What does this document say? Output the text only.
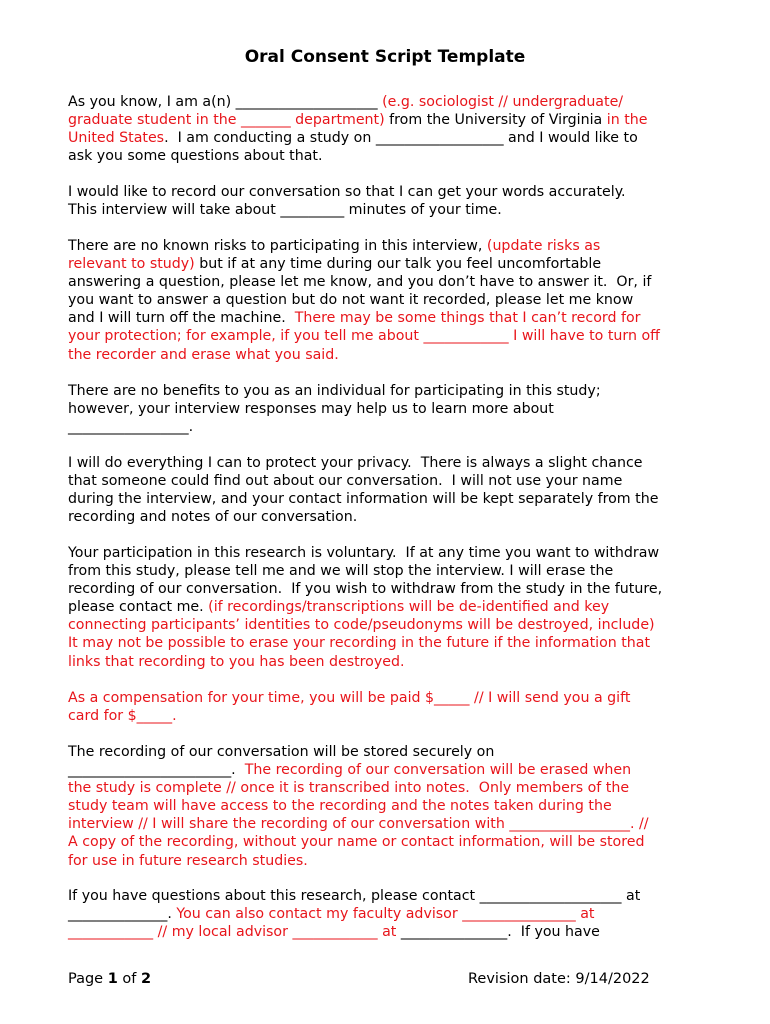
Oral Consent Script Template
As you know, I am a(n) ____________________ (e.g. sociologist // undergraduate/
graduate student in the _______ department) from the University of Virginia in the
United States.  I am conducting a study on __________________ and I would like to
ask you some questions about that.
I would like to record our conversation so that I can get your words accurately.
This interview will take about _________ minutes of your time.
There are no known risks to participating in this interview, (update risks as
relevant to study) but if at any time during our talk you feel uncomfortable
answering a question, please let me know, and you don’t have to answer it.  Or, if
you want to answer a question but do not want it recorded, please let me know
and I will turn off the machine.  There may be some things that I can’t record for
your protection; for example, if you tell me about ____________ I will have to turn off
the recorder and erase what you said.
There are no benefits to you as an individual for participating in this study;
however, your interview responses may help us to learn more about
_________________.
I will do everything I can to protect your privacy.  There is always a slight chance
that someone could find out about our conversation.  I will not use your name
during the interview, and your contact information will be kept separately from the
recording and notes of our conversation.
Your participation in this research is voluntary.  If at any time you want to withdraw
from this study, please tell me and we will stop the interview. I will erase the
recording of our conversation.  If you wish to withdraw from the study in the future,
please contact me. (if recordings/transcriptions will be de-identified and key
connecting participants’ identities to code/pseudonyms will be destroyed, include)
It may not be possible to erase your recording in the future if the information that
links that recording to you has been destroyed.
As a compensation for your time, you will be paid $_____ // I will send you a gift
card for $_____.
The recording of our conversation will be stored securely on
_______________________.  The recording of our conversation will be erased when
the study is complete // once it is transcribed into notes.  Only members of the
study team will have access to the recording and the notes taken during the
interview // I will share the recording of our conversation with _________________. //
A copy of the recording, without your name or contact information, will be stored
for use in future research studies.
If you have questions about this research, please contact ____________________ at
______________. You can also contact my faculty advisor ________________ at
____________ // my local advisor ____________ at _______________.  If you have
Page 1 of 2	Revision date: 9/14/2022
